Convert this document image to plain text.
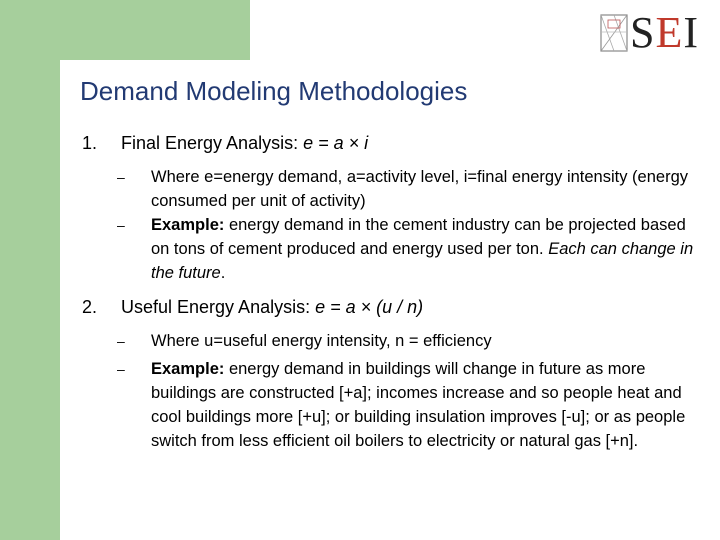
SEI
Demand Modeling Methodologies
1. Final Energy Analysis: e = a × i
– Where e=energy demand, a=activity level, i=final energy intensity (energy consumed per unit of activity)
– Example: energy demand in the cement industry can be projected based on tons of cement produced and energy used per ton. Each can change in the future.
2. Useful Energy Analysis: e = a × (u / n)
– Where u=useful energy intensity, n = efficiency
– Example: energy demand in buildings will change in future as more buildings are constructed [+a]; incomes increase and so people heat and cool buildings more [+u]; or building insulation improves [-u]; or as people switch from less efficient oil boilers to electricity or natural gas [+n].
